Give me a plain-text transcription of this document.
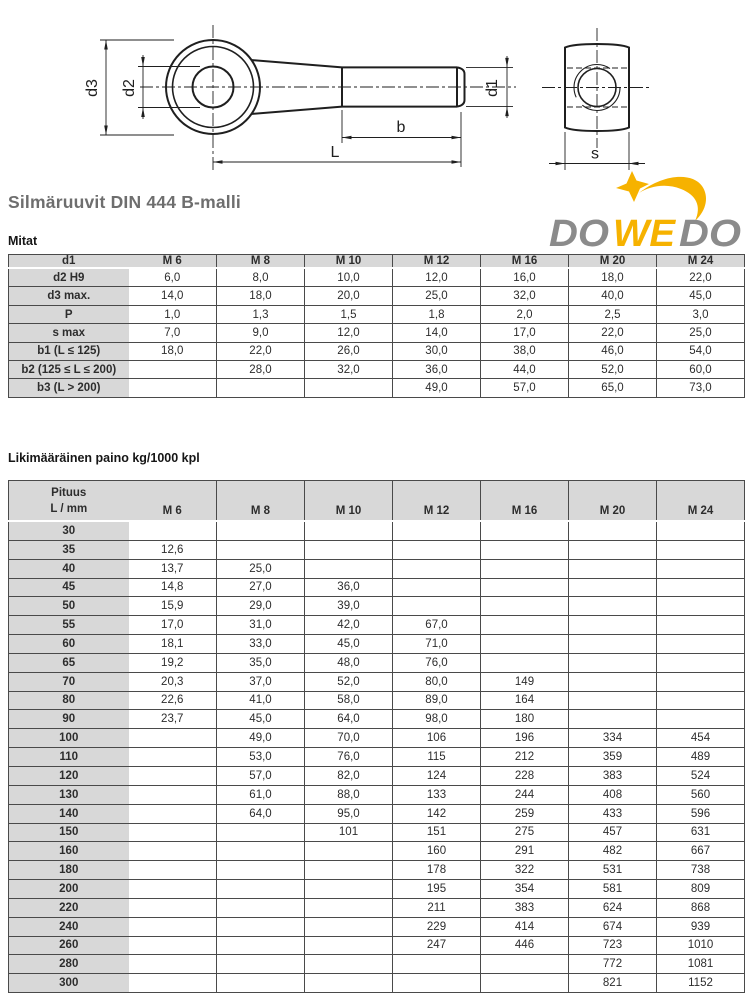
d3 d2	d1
b
L	s
DO WE DO
Silmäruuvit DIN 444 B-malli

Mitat

Likimääräinen paino kg/1000 kpl

d1	M 6	M 8	M 10	M 12	M 16	M 20	M 24
d2 H9	6,0	8,0	10,0	12,0	16,0	18,0	22,0
d3 max.	14,0	18,0	20,0	25,0	32,0	40,0	45,0
P	1,0	1,3	1,5	1,8	2,0	2,5	3,0
s max	7,0	9,0	12,0	14,0	17,0	22,0	25,0
b1 (L ≤ 125)	18,0	22,0	26,0	30,0	38,0	46,0	54,0
b2 (125 ≤ L ≤ 200)		28,0	32,0	36,0	44,0	52,0	60,0
b3 (L > 200)				49,0	57,0	65,0	73,0
Pituus
L / mm	M 6	M 8	M 10	M 12	M 16	M 20	M 24
30							
35	12,6						
40	13,7	25,0					
45	14,8	27,0	36,0				
50	15,9	29,0	39,0				
55	17,0	31,0	42,0	67,0			
60	18,1	33,0	45,0	71,0			
65	19,2	35,0	48,0	76,0			
70	20,3	37,0	52,0	80,0	149		
80	22,6	41,0	58,0	89,0	164		
90	23,7	45,0	64,0	98,0	180		
100		49,0	70,0	106	196	334	454
110		53,0	76,0	115	212	359	489
120		57,0	82,0	124	228	383	524
130		61,0	88,0	133	244	408	560
140		64,0	95,0	142	259	433	596
150			101	151	275	457	631
160				160	291	482	667
180				178	322	531	738
200				195	354	581	809
220				211	383	624	868
240				229	414	674	939
260				247	446	723	1010
280						772	1081
300						821	1152
